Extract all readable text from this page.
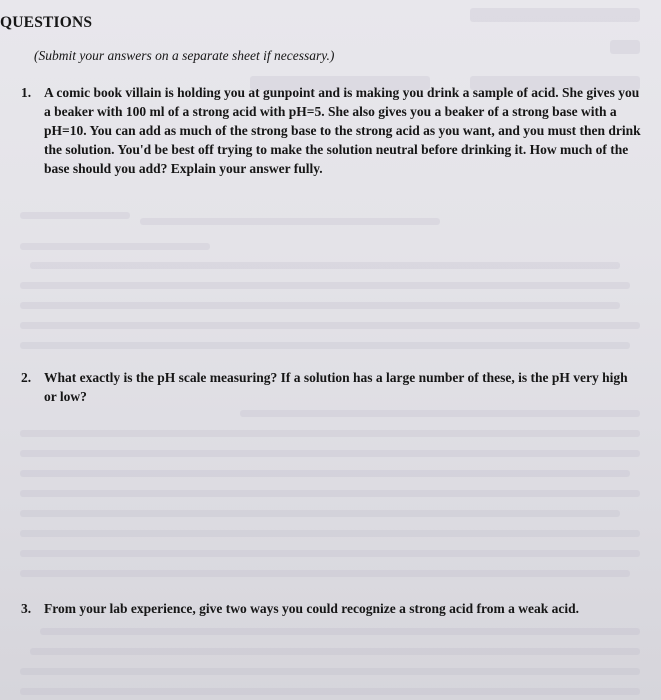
QUESTIONS
(Submit your answers on a separate sheet if necessary.)
1. A comic book villain is holding you at gunpoint and is making you drink a sample of acid. She gives you a beaker with 100 ml of a strong acid with pH=5. She also gives you a beaker of a strong base with a pH=10. You can add as much of the strong base to the strong acid as you want, and you must then drink the solution. You'd be best off trying to make the solution neutral before drinking it. How much of the base should you add? Explain your answer fully.
2. What exactly is the pH scale measuring? If a solution has a large number of these, is the pH very high or low?
3. From your lab experience, give two ways you could recognize a strong acid from a weak acid.
